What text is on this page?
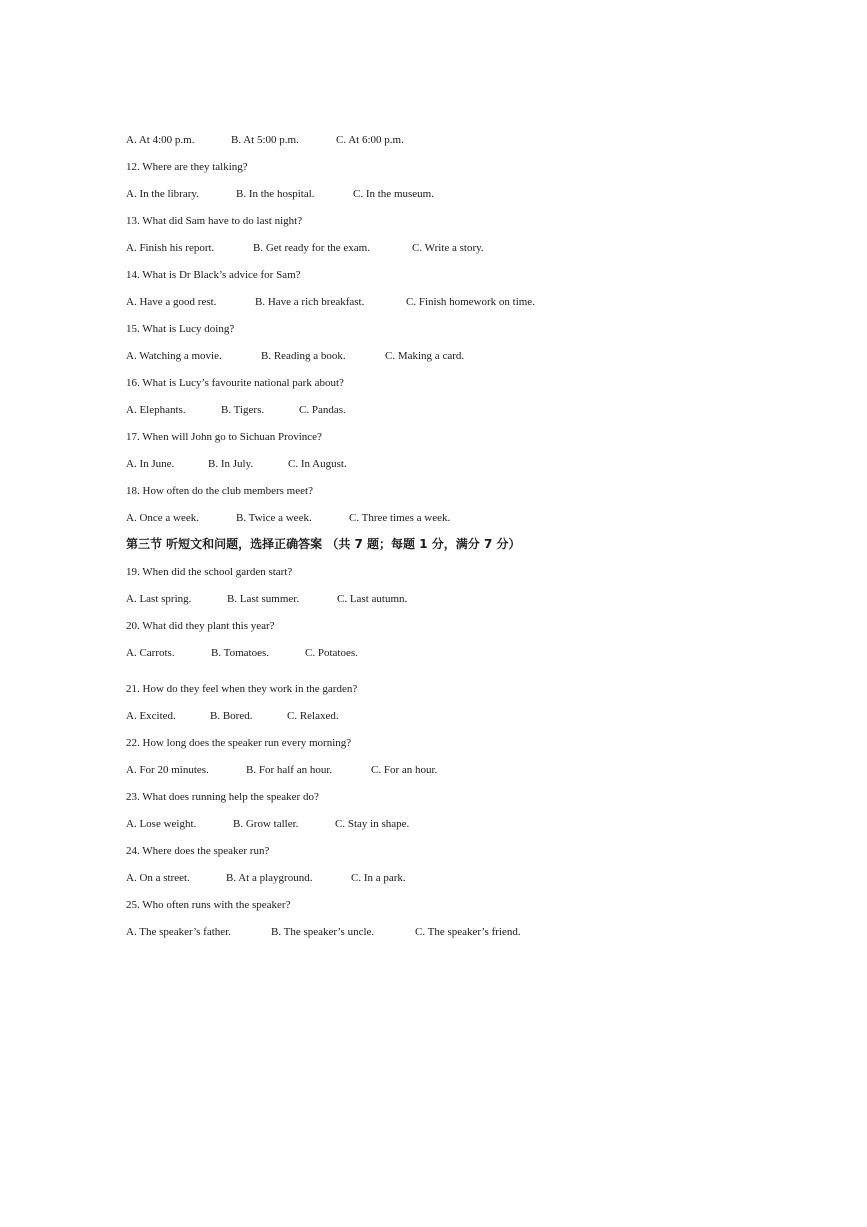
A. At 4:00 p.m.	B. At 5:00 p.m.	C. At 6:00 p.m.
12. Where are they talking?
A. In the library.	B. In the hospital.	C. In the museum.
13. What did Sam have to do last night?
A. Finish his report.	B. Get ready for the exam.	C. Write a story.
14. What is Dr Black’s advice for Sam?
A. Have a good rest.	B. Have a rich breakfast.	C. Finish homework on time.
15. What is Lucy doing?
A. Watching a movie.	B. Reading a book.	C. Making a card.
16. What is Lucy’s favourite national park about?
A. Elephants.	B. Tigers.	C. Pandas.
17. When will John go to Sichuan Province?
A. In June.	B. In July.	C. In August.
18. How often do the club members meet?
A. Once a week.	B. Twice a week.	C. Three times a week.
第三节 听短文和问题，选择正确答案 （共 7 题；每题 1 分，满分 7 分）
19. When did the school garden start?
A. Last spring.	B. Last summer.	C. Last autumn.
20. What did they plant this year?
A. Carrots.	B. Tomatoes.	C. Potatoes.
21. How do they feel when they work in the garden?
A. Excited.	B. Bored.	C. Relaxed.
22. How long does the speaker run every morning?
A. For 20 minutes.	B. For half an hour.	C. For an hour.
23. What does running help the speaker do?
A. Lose weight.	B. Grow taller.	C. Stay in shape.
24. Where does the speaker run?
A. On a street.	B. At a playground.	C. In a park.
25. Who often runs with the speaker?
A. The speaker’s father.	B. The speaker’s uncle.	C. The speaker’s friend.
